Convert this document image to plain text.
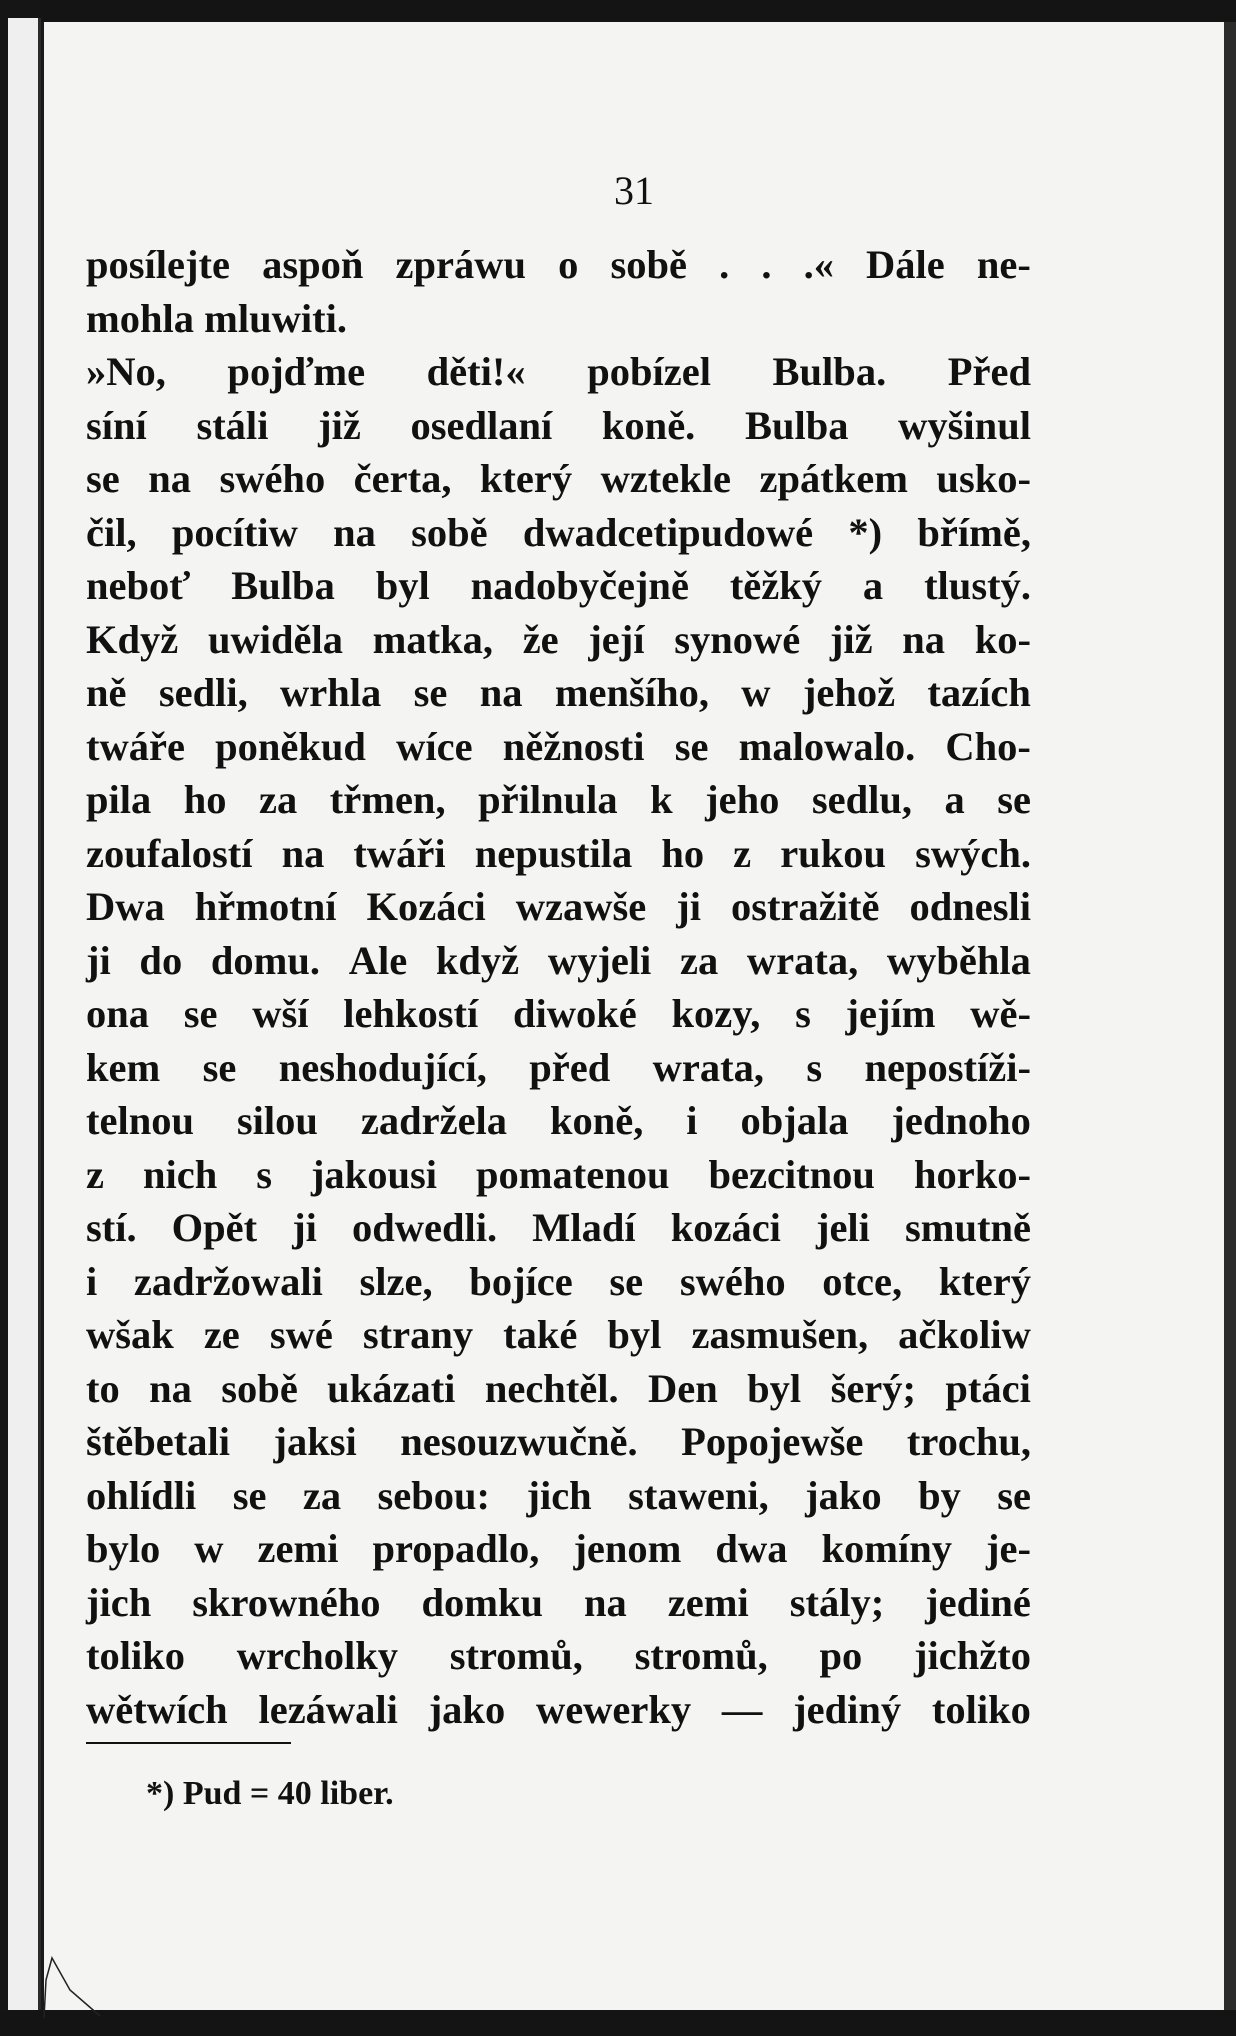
31
posílejte aspoň zpráwu o sobě . . .« Dále ne-
mohla mluwiti.
»No, pojďme děti!« pobízel Bulba. Před
síní stáli již osedlaní koně. Bulba wyšinul
se na swého čerta, který wztekle zpátkem usko-
čil, pocítiw na sobě dwadcetipudowé *) břímě,
neboť Bulba byl nadobyčejně těžký a tlustý.
Když uwiděla matka, že její synowé již na ko-
ně sedli, wrhla se na menšího, w jehož tazích
twáře poněkud wíce něžnosti se malowalo. Cho-
pila ho za třmen, přilnula k jeho sedlu, a se
zoufalostí na twáři nepustila ho z rukou swých.
Dwa hřmotní Kozáci wzawše ji ostražitě odnesli
ji do domu. Ale když wyjeli za wrata, wyběhla
ona se wší lehkostí diwoké kozy, s jejím wě-
kem se neshodující, před wrata, s nepostíži-
telnou silou zadržela koně, i objala jednoho
z nich s jakousi pomatenou bezcitnou horko-
stí. Opět ji odwedli. Mladí kozáci jeli smutně
i zadržowali slze, bojíce se swého otce, který
wšak ze swé strany také byl zasmušen, ačkoliw
to na sobě ukázati nechtěl. Den byl šerý; ptáci
štěbetali jaksi nesouzwučně. Popojewše trochu,
ohlídli se za sebou: jich staweni, jako by se
bylo w zemi propadlo, jenom dwa komíny je-
jich skrowného domku na zemi stály; jediné
toliko wrcholky stromů, stromů, po jichžto
wětwích lezáwali jako wewerky — jediný toliko
*) Pud = 40 liber.
